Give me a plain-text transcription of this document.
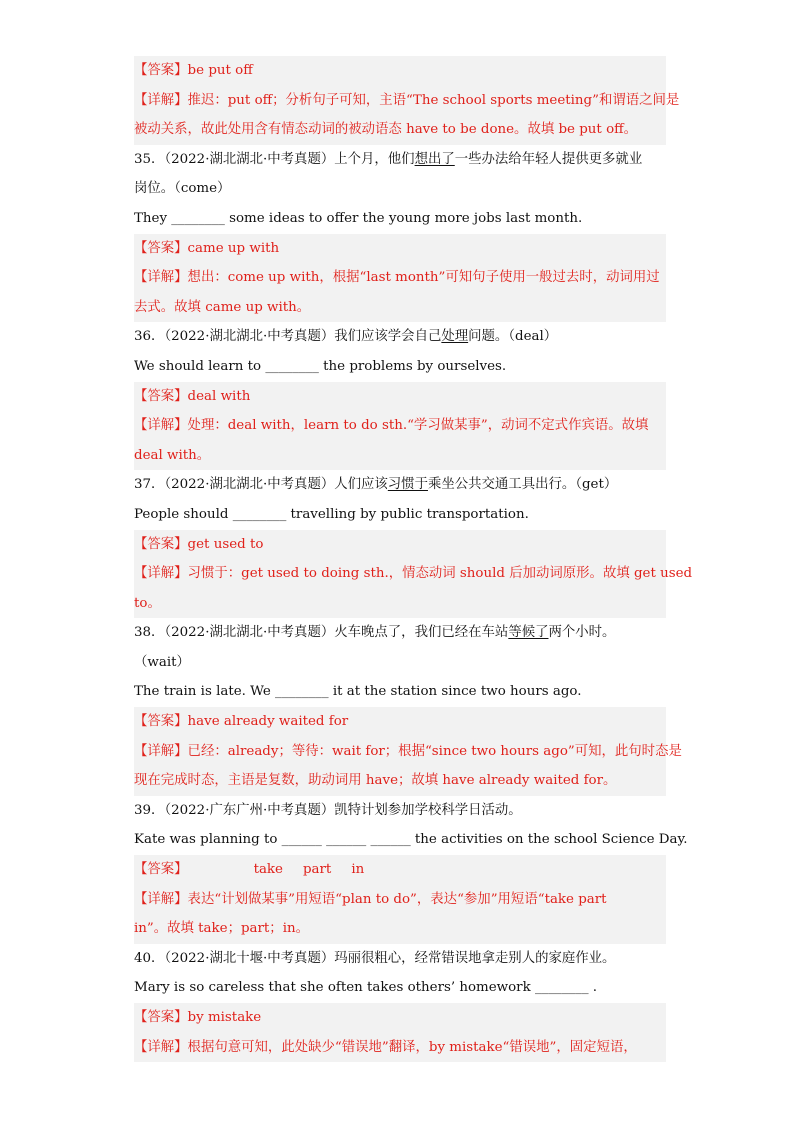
【答案】be put off
【详解】推迟：put off；分析句子可知，主语“The school sports meeting”和谓语之间是
被动关系，故此处用含有情态动词的被动语态 have to be done。故填 be put off。
35．（2022·湖北湖北·中考真题）上个月，他们想出了一些办法给年轻人提供更多就业
岗位。（come）
They ________ some ideas to offer the young more jobs last month.
【答案】came up with
【详解】想出：come up with，根据“last month”可知句子使用一般过去时，动词用过
去式。故填 came up with。
36．（2022·湖北湖北·中考真题）我们应该学会自己处理问题。（deal）
We should learn to ________ the problems by ourselves.
【答案】deal with
【详解】处理：deal with，learn to do sth.“学习做某事”，动词不定式作宾语。故填
deal with。
37．（2022·湖北湖北·中考真题）人们应该习惯于乘坐公共交通工具出行。（get）
People should ________ travelling by public transportation.
【答案】get used to
【详解】习惯于：get used to doing sth.，情态动词 should 后加动词原形。故填 get used
to。
38．（2022·湖北湖北·中考真题）火车晚点了，我们已经在车站等候了两个小时。
（wait）
The train is late. We ________ it at the station since two hours ago.
【答案】have already waited for
【详解】已经：already；等待：wait for；根据“since two hours ago”可知，此句时态是
现在完成时态，主语是复数，助动词用 have；故填 have already waited for。
39．（2022·广东广州·中考真题）凯特计划参加学校科学日活动。
Kate was planning to ______ ______ ______ the activities on the school Science Day.
【答案】	take part in
【详解】表达“计划做某事”用短语“plan to do”，表达“参加”用短语“take part
in”。故填 take；part；in。
40．（2022·湖北十堰·中考真题）玛丽很粗心，经常错误地拿走别人的家庭作业。
Mary is so careless that she often takes others’ homework ________ .
【答案】by mistake
【详解】根据句意可知，此处缺少“错误地”翻译，by mistake“错误地”，固定短语，
